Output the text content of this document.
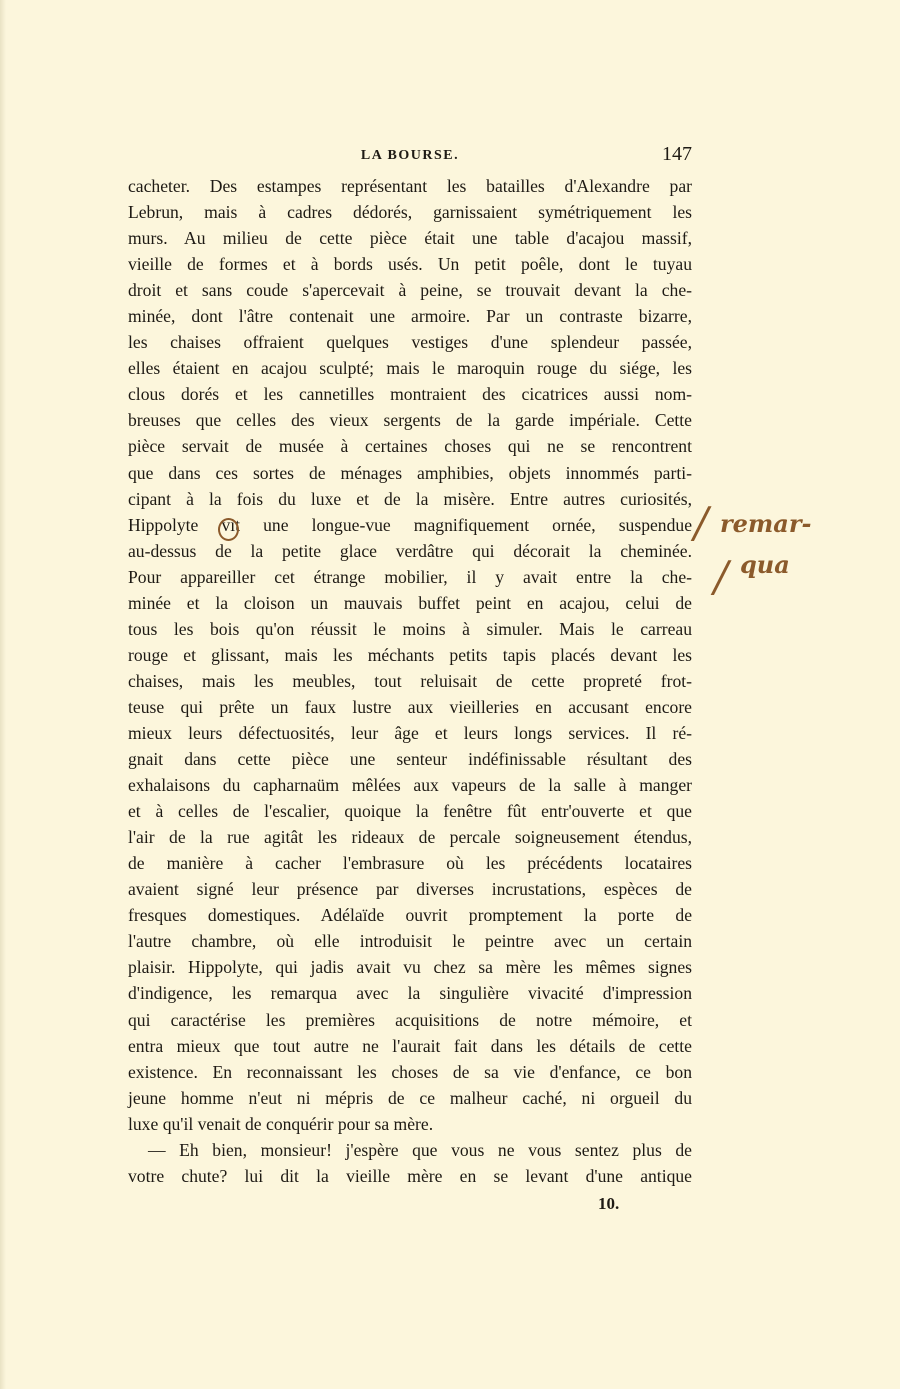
LA BOURSE.	147
cacheter. Des estampes représentant les batailles d'Alexandre par
Lebrun, mais à cadres dédorés, garnissaient symétriquement les
murs. Au milieu de cette pièce était une table d'acajou massif,
vieille de formes et à bords usés. Un petit poêle, dont le tuyau
droit et sans coude s'apercevait à peine, se trouvait devant la che-
minée, dont l'âtre contenait une armoire. Par un contraste bizarre,
les chaises offraient quelques vestiges d'une splendeur passée,
elles étaient en acajou sculpté; mais le maroquin rouge du siége, les
clous dorés et les cannetilles montraient des cicatrices aussi nom-
breuses que celles des vieux sergents de la garde impériale. Cette
pièce servait de musée à certaines choses qui ne se rencontrent
que dans ces sortes de ménages amphibies, objets innommés parti-
cipant à la fois du luxe et de la misère. Entre autres curiosités,
Hippolyte vit une longue-vue magnifiquement ornée, suspendue
au-dessus de la petite glace verdâtre qui décorait la cheminée.
Pour appareiller cet étrange mobilier, il y avait entre la che-
minée et la cloison un mauvais buffet peint en acajou, celui de
tous les bois qu'on réussit le moins à simuler. Mais le carreau
rouge et glissant, mais les méchants petits tapis placés devant les
chaises, mais les meubles, tout reluisait de cette propreté frot-
teuse qui prête un faux lustre aux vieilleries en accusant encore
mieux leurs défectuosités, leur âge et leurs longs services. Il ré-
gnait dans cette pièce une senteur indéfinissable résultant des
exhalaisons du capharnaüm mêlées aux vapeurs de la salle à manger
et à celles de l'escalier, quoique la fenêtre fût entr'ouverte et que
l'air de la rue agitât les rideaux de percale soigneusement étendus,
de manière à cacher l'embrasure où les précédents locataires
avaient signé leur présence par diverses incrustations, espèces de
fresques domestiques. Adélaïde ouvrit promptement la porte de
l'autre chambre, où elle introduisit le peintre avec un certain
plaisir. Hippolyte, qui jadis avait vu chez sa mère les mêmes signes
d'indigence, les remarqua avec la singulière vivacité d'impression
qui caractérise les premières acquisitions de notre mémoire, et
entra mieux que tout autre ne l'aurait fait dans les détails de cette
existence. En reconnaissant les choses de sa vie d'enfance, ce bon
jeune homme n'eut ni mépris de ce malheur caché, ni orgueil du
luxe qu'il venait de conquérir pour sa mère.
— Eh bien, monsieur! j'espère que vous ne vous sentez plus de
votre chute? lui dit la vieille mère en se levant d'une antique
/ remar-
/ qua
10.
